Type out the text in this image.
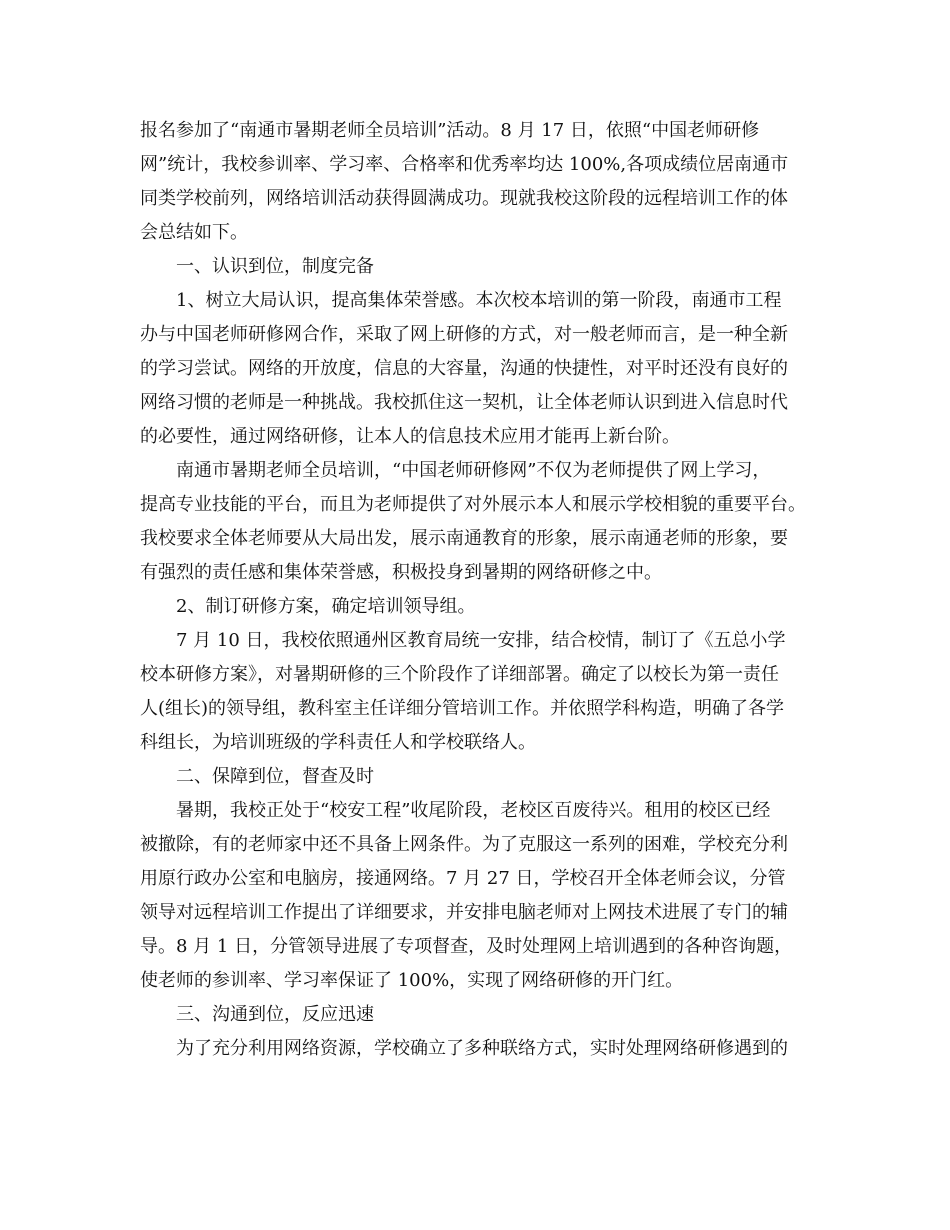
报名参加了“南通市暑期老师全员培训”活动。8 月 17 日，依照“中国老师研修
网”统计，我校参训率、学习率、合格率和优秀率均达 100%,各项成绩位居南通市
同类学校前列，网络培训活动获得圆满成功。现就我校这阶段的远程培训工作的体
会总结如下。
一、认识到位，制度完备
1、树立大局认识，提高集体荣誉感。本次校本培训的第一阶段，南通市工程
办与中国老师研修网合作，采取了网上研修的方式，对一般老师而言，是一种全新
的学习尝试。网络的开放度，信息的大容量，沟通的快捷性，对平时还没有良好的
网络习惯的老师是一种挑战。我校抓住这一契机，让全体老师认识到进入信息时代
的必要性，通过网络研修，让本人的信息技术应用才能再上新台阶。
南通市暑期老师全员培训，“中国老师研修网”不仅为老师提供了网上学习，
提高专业技能的平台，而且为老师提供了对外展示本人和展示学校相貌的重要平台。
我校要求全体老师要从大局出发，展示南通教育的形象，展示南通老师的形象，要
有强烈的责任感和集体荣誉感，积极投身到暑期的网络研修之中。
2、制订研修方案，确定培训领导组。
7 月 10 日，我校依照通州区教育局统一安排，结合校情，制订了《五总小学
校本研修方案》，对暑期研修的三个阶段作了详细部署。确定了以校长为第一责任
人(组长)的领导组，教科室主任详细分管培训工作。并依照学科构造，明确了各学
科组长，为培训班级的学科责任人和学校联络人。
二、保障到位，督查及时
暑期，我校正处于“校安工程”收尾阶段，老校区百废待兴。租用的校区已经
被撤除，有的老师家中还不具备上网条件。为了克服这一系列的困难，学校充分利
用原行政办公室和电脑房，接通网络。7 月 27 日，学校召开全体老师会议，分管
领导对远程培训工作提出了详细要求，并安排电脑老师对上网技术进展了专门的辅
导。8 月 1 日，分管领导进展了专项督查，及时处理网上培训遇到的各种咨询题，
使老师的参训率、学习率保证了 100%，实现了网络研修的开门红。
三、沟通到位，反应迅速
为了充分利用网络资源，学校确立了多种联络方式，实时处理网络研修遇到的
